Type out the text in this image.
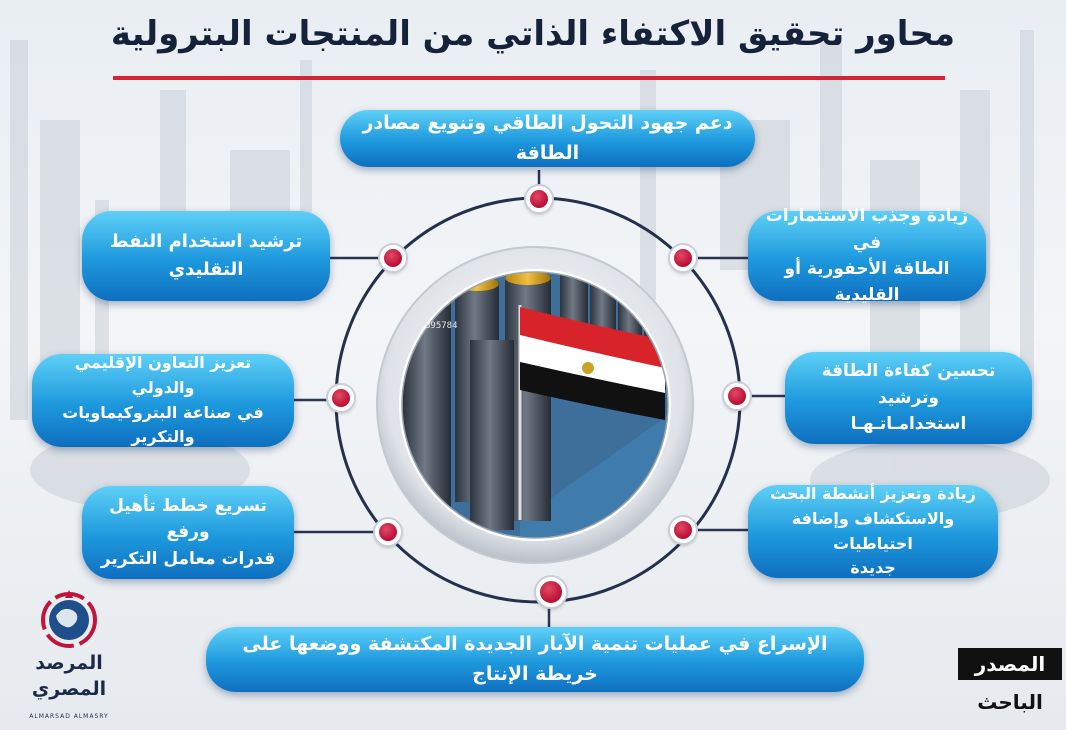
محاور تحقيق الاكتفاء الذاتي من المنتجات البترولية
B95784
دعم جهود التحول الطاقي وتنويع مصادر الطاقة
ترشيد استخدام النفط
التقليدي
تعزيز التعاون الإقليمي والدولي
في صناعة البتروكيماويات
والتكرير
تسريع خطط تأهيل ورفع
قدرات معامل التكرير
زيادة وجذب الاستثمارات في
الطاقة الأحفورية أو القليدية
تحسين كفاءة الطاقة وترشيد
استخدامـاتـهـا
زيادة وتعزيز أنشطة البحث
والاستكشاف وإضافة احتياطيات
جديدة
الإسراع في عمليات تنمية الآبار الجديدة المكتشفة ووضعها على خريطة الإنتاج	المصدر
الباحث
المرصد
المصري
ALMARSAD ALMASRY
